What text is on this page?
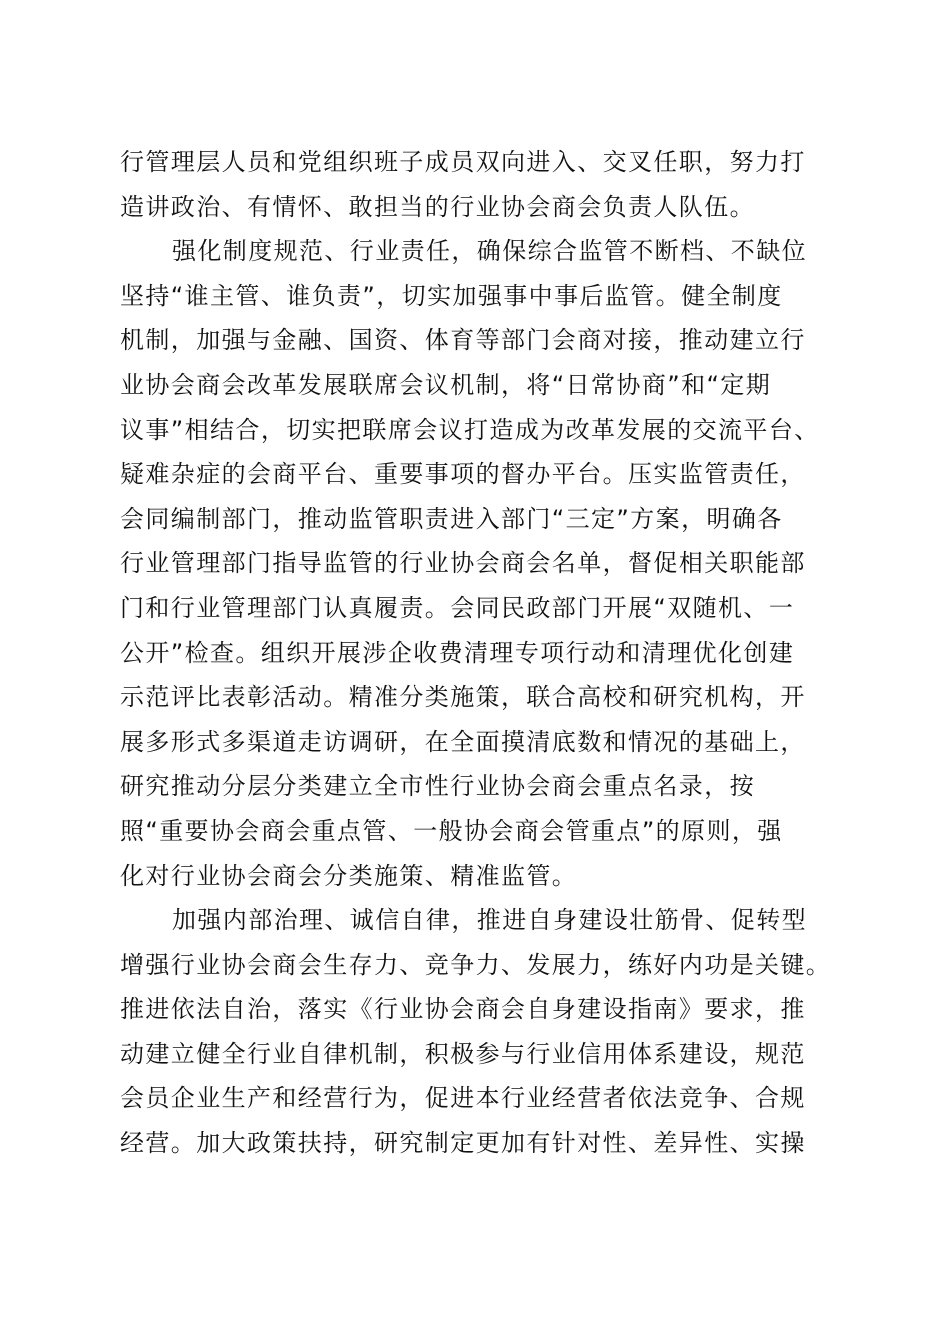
行管理层人员和党组织班子成员双向进入、交叉任职，努力打
造讲政治、有情怀、敢担当的行业协会商会负责人队伍。
强化制度规范、行业责任，确保综合监管不断档、不缺位
坚持“谁主管、谁负责”，切实加强事中事后监管。健全制度
机制，加强与金融、国资、体育等部门会商对接，推动建立行
业协会商会改革发展联席会议机制，将“日常协商”和“定期
议事”相结合，切实把联席会议打造成为改革发展的交流平台、
疑难杂症的会商平台、重要事项的督办平台。压实监管责任，
会同编制部门，推动监管职责进入部门“三定”方案，明确各
行业管理部门指导监管的行业协会商会名单，督促相关职能部
门和行业管理部门认真履责。会同民政部门开展“双随机、一
公开”检查。组织开展涉企收费清理专项行动和清理优化创建
示范评比表彰活动。精准分类施策，联合高校和研究机构，开
展多形式多渠道走访调研，在全面摸清底数和情况的基础上，
研究推动分层分类建立全市性行业协会商会重点名录，按
照“重要协会商会重点管、一般协会商会管重点”的原则，强
化对行业协会商会分类施策、精准监管。
加强内部治理、诚信自律，推进自身建设壮筋骨、促转型
增强行业协会商会生存力、竞争力、发展力，练好内功是关键。
推进依法自治，落实《行业协会商会自身建设指南》要求，推
动建立健全行业自律机制，积极参与行业信用体系建设，规范
会员企业生产和经营行为，促进本行业经营者依法竞争、合规
经营。加大政策扶持，研究制定更加有针对性、差异性、实操
